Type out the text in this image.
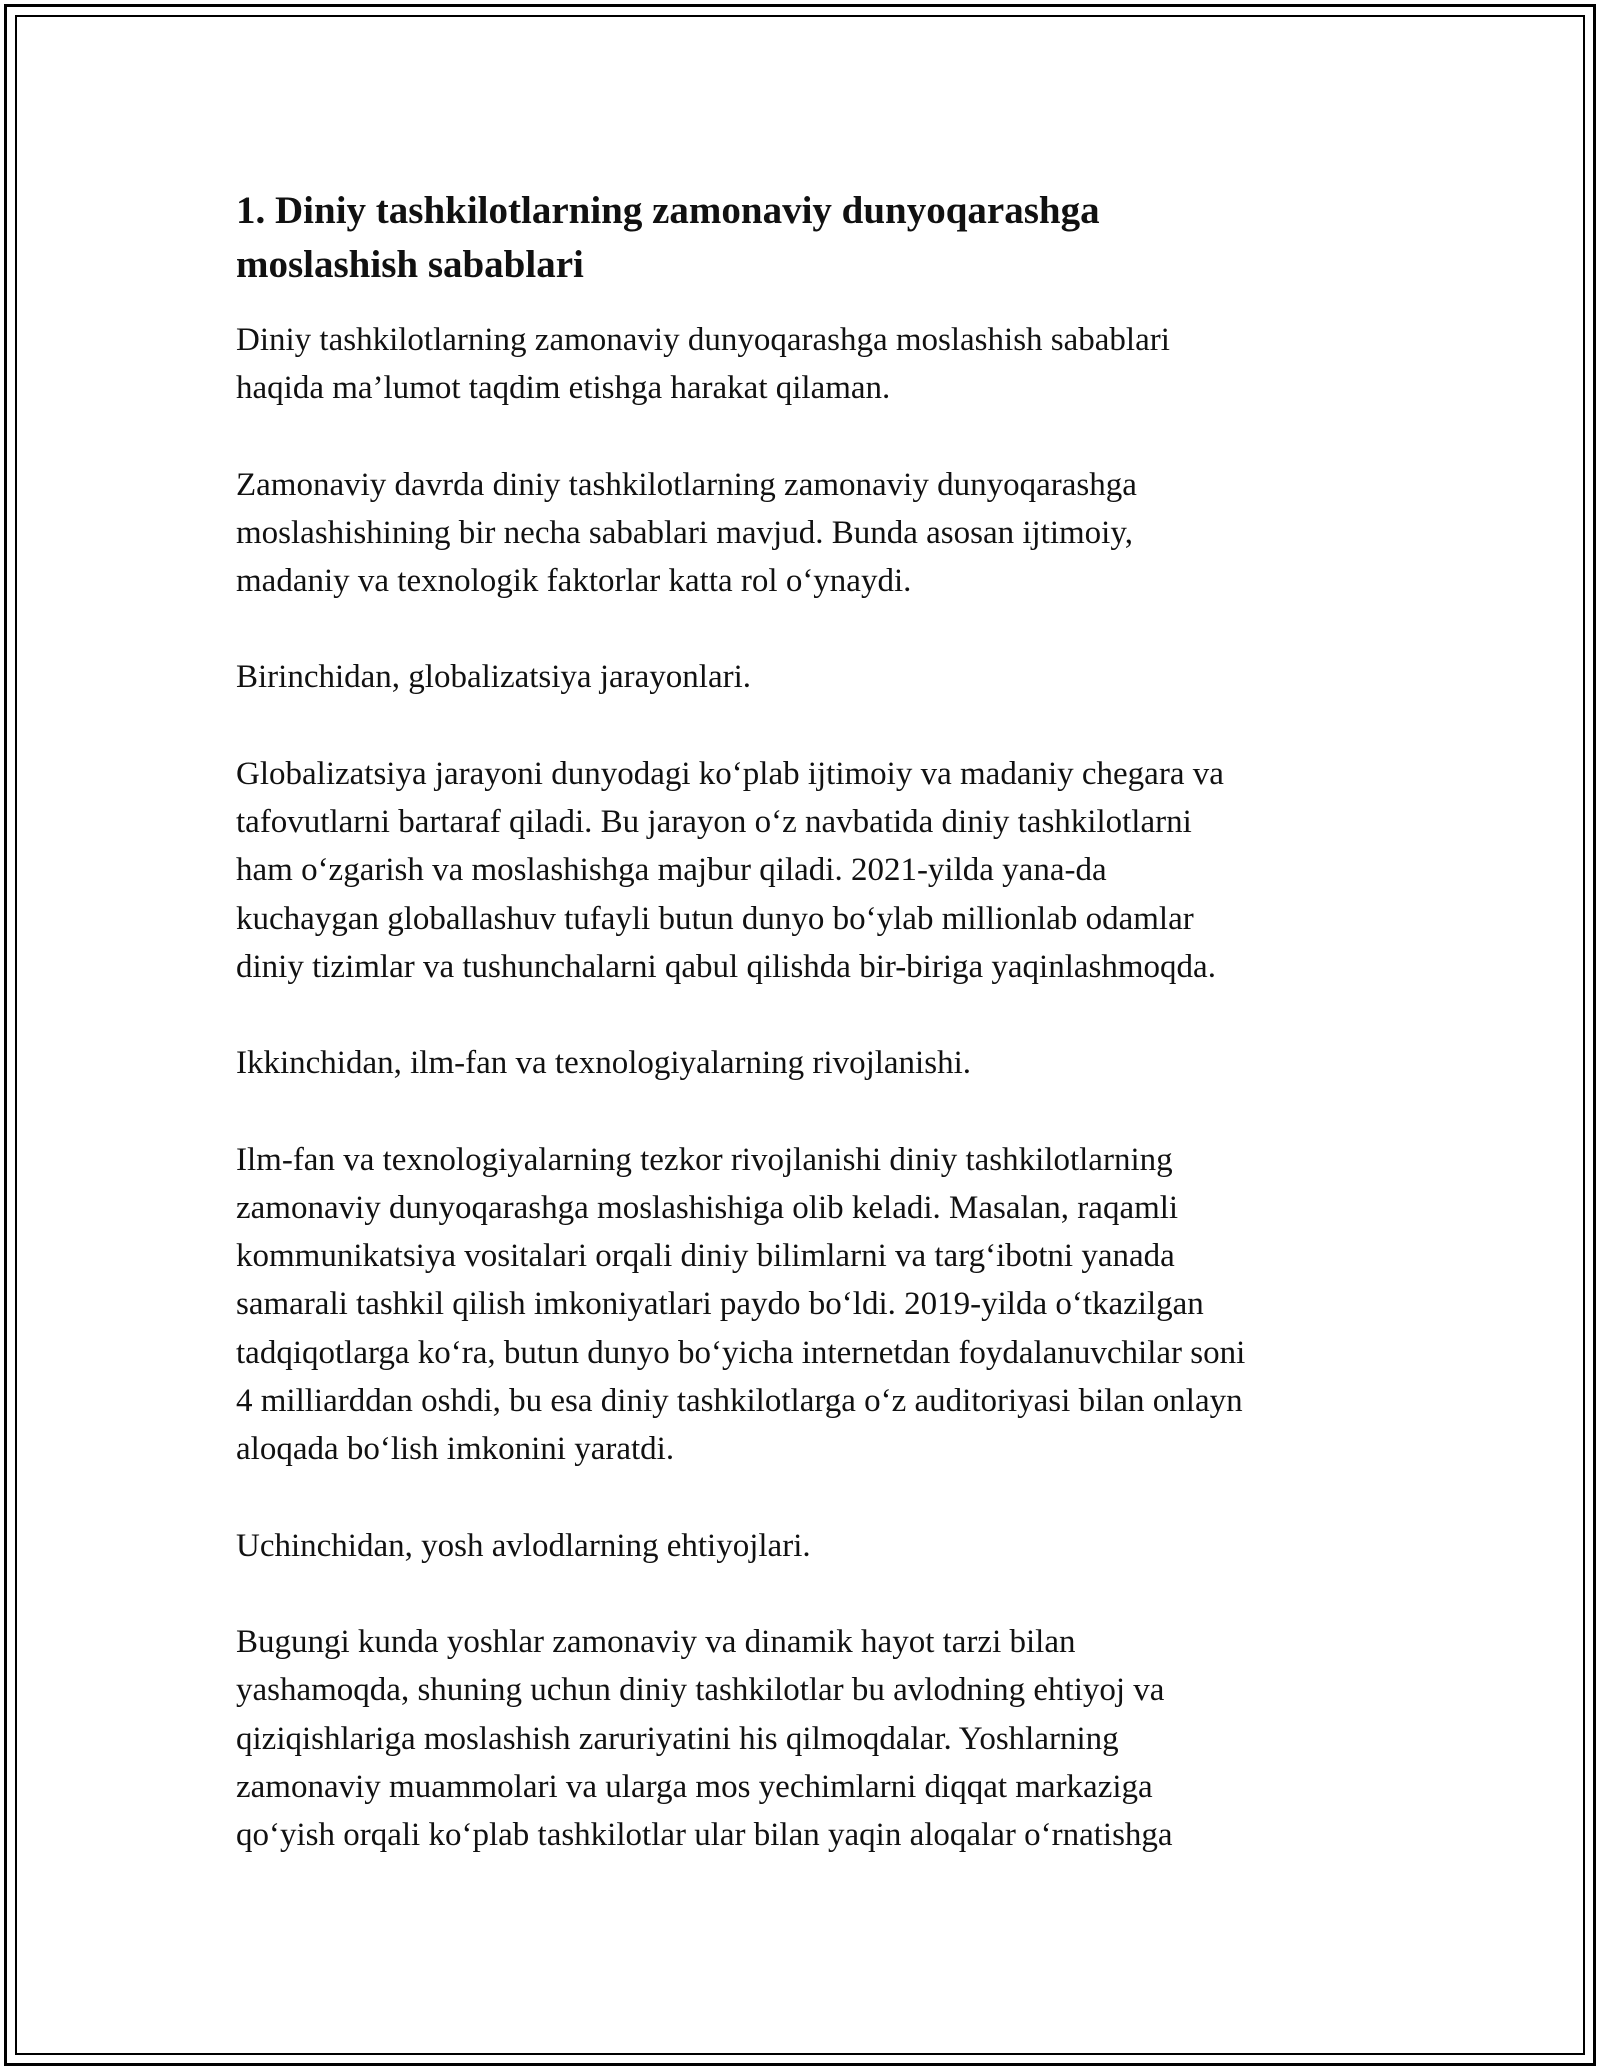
1. Diniy tashkilotlarning zamonaviy dunyoqarashga
moslashish sabablari

Diniy tashkilotlarning zamonaviy dunyoqarashga moslashish sabablari
haqida ma’lumot taqdim etishga harakat qilaman.

Zamonaviy davrda diniy tashkilotlarning zamonaviy dunyoqarashga
moslashishining bir necha sabablari mavjud. Bunda asosan ijtimoiy,
madaniy va texnologik faktorlar katta rol o‘ynaydi.

Birinchidan, globalizatsiya jarayonlari.

Globalizatsiya jarayoni dunyodagi ko‘plab ijtimoiy va madaniy chegara va
tafovutlarni bartaraf qiladi. Bu jarayon o‘z navbatida diniy tashkilotlarni
ham o‘zgarish va moslashishga majbur qiladi. 2021-yilda yana-da
kuchaygan globallashuv tufayli butun dunyo bo‘ylab millionlab odamlar
diniy tizimlar va tushunchalarni qabul qilishda bir-biriga yaqinlashmoqda.

Ikkinchidan, ilm-fan va texnologiyalarning rivojlanishi.

Ilm-fan va texnologiyalarning tezkor rivojlanishi diniy tashkilotlarning
zamonaviy dunyoqarashga moslashishiga olib keladi. Masalan, raqamli
kommunikatsiya vositalari orqali diniy bilimlarni va targ‘ibotni yanada
samarali tashkil qilish imkoniyatlari paydo bo‘ldi. 2019-yilda o‘tkazilgan
tadqiqotlarga ko‘ra, butun dunyo bo‘yicha internetdan foydalanuvchilar soni
4 milliarddan oshdi, bu esa diniy tashkilotlarga o‘z auditoriyasi bilan onlayn
aloqada bo‘lish imkonini yaratdi.

Uchinchidan, yosh avlodlarning ehtiyojlari.

Bugungi kunda yoshlar zamonaviy va dinamik hayot tarzi bilan
yashamoqda, shuning uchun diniy tashkilotlar bu avlodning ehtiyoj va
qiziqishlariga moslashish zaruriyatini his qilmoqdalar. Yoshlarning
zamonaviy muammolari va ularga mos yechimlarni diqqat markaziga
qo‘yish orqali ko‘plab tashkilotlar ular bilan yaqin aloqalar o‘rnatishga
